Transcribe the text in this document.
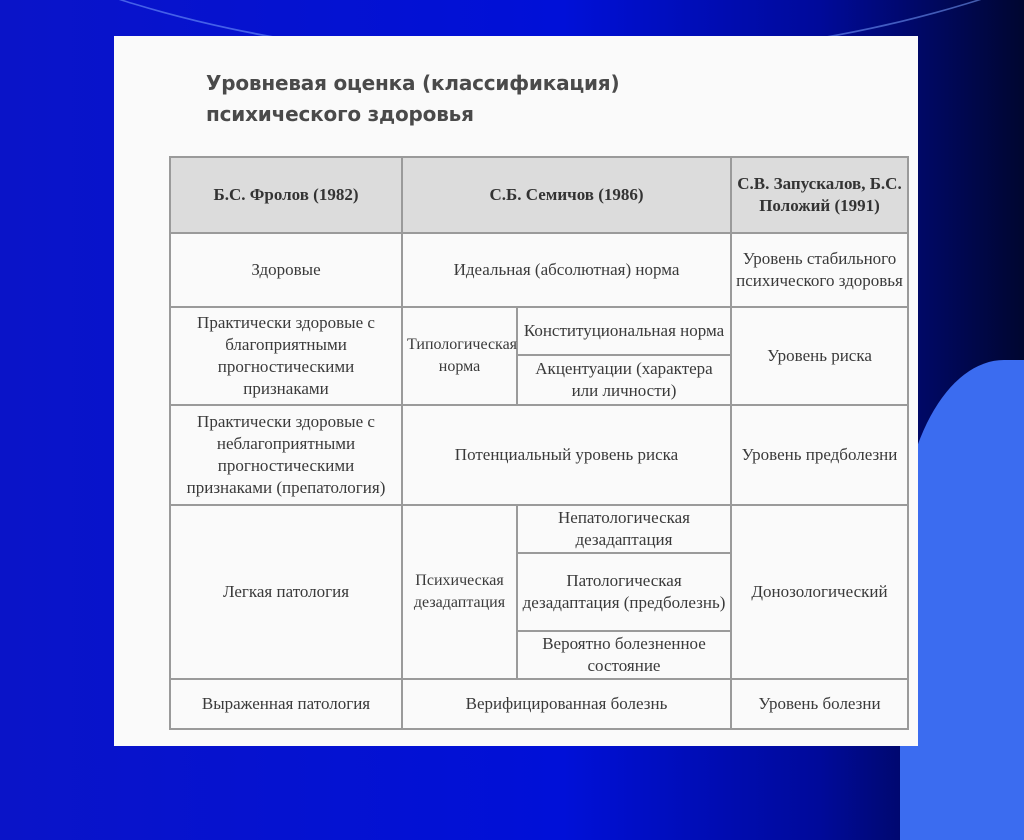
Уровневая оценка (классификация)
психического здоровья
Б.С. Фролов (1982)	С.Б. Семичов (1986)		С.В. Запускалов, Б.С. Положий (1991)
Здоровые	Идеальная (абсолютная) норма		Уровень стабильного психического здоровья
Практически здоровые с благоприятными прогностическими признаками	Типологическая норма	Конституциональная норма	Уровень риска
		Акцентуации (характера или личности)	
Практически здоровые с неблагоприятными прогностическими признаками (препатология)	Потенциальный уровень риска		Уровень предболезни
Легкая патология	Психическая дезадаптация	Непатологическая дезадаптация	Донозологический
		Патологическая дезадаптация (предболезнь)	
		Вероятно болезненное состояние	
Выраженная патология	Верифицированная болезнь		Уровень болезни
